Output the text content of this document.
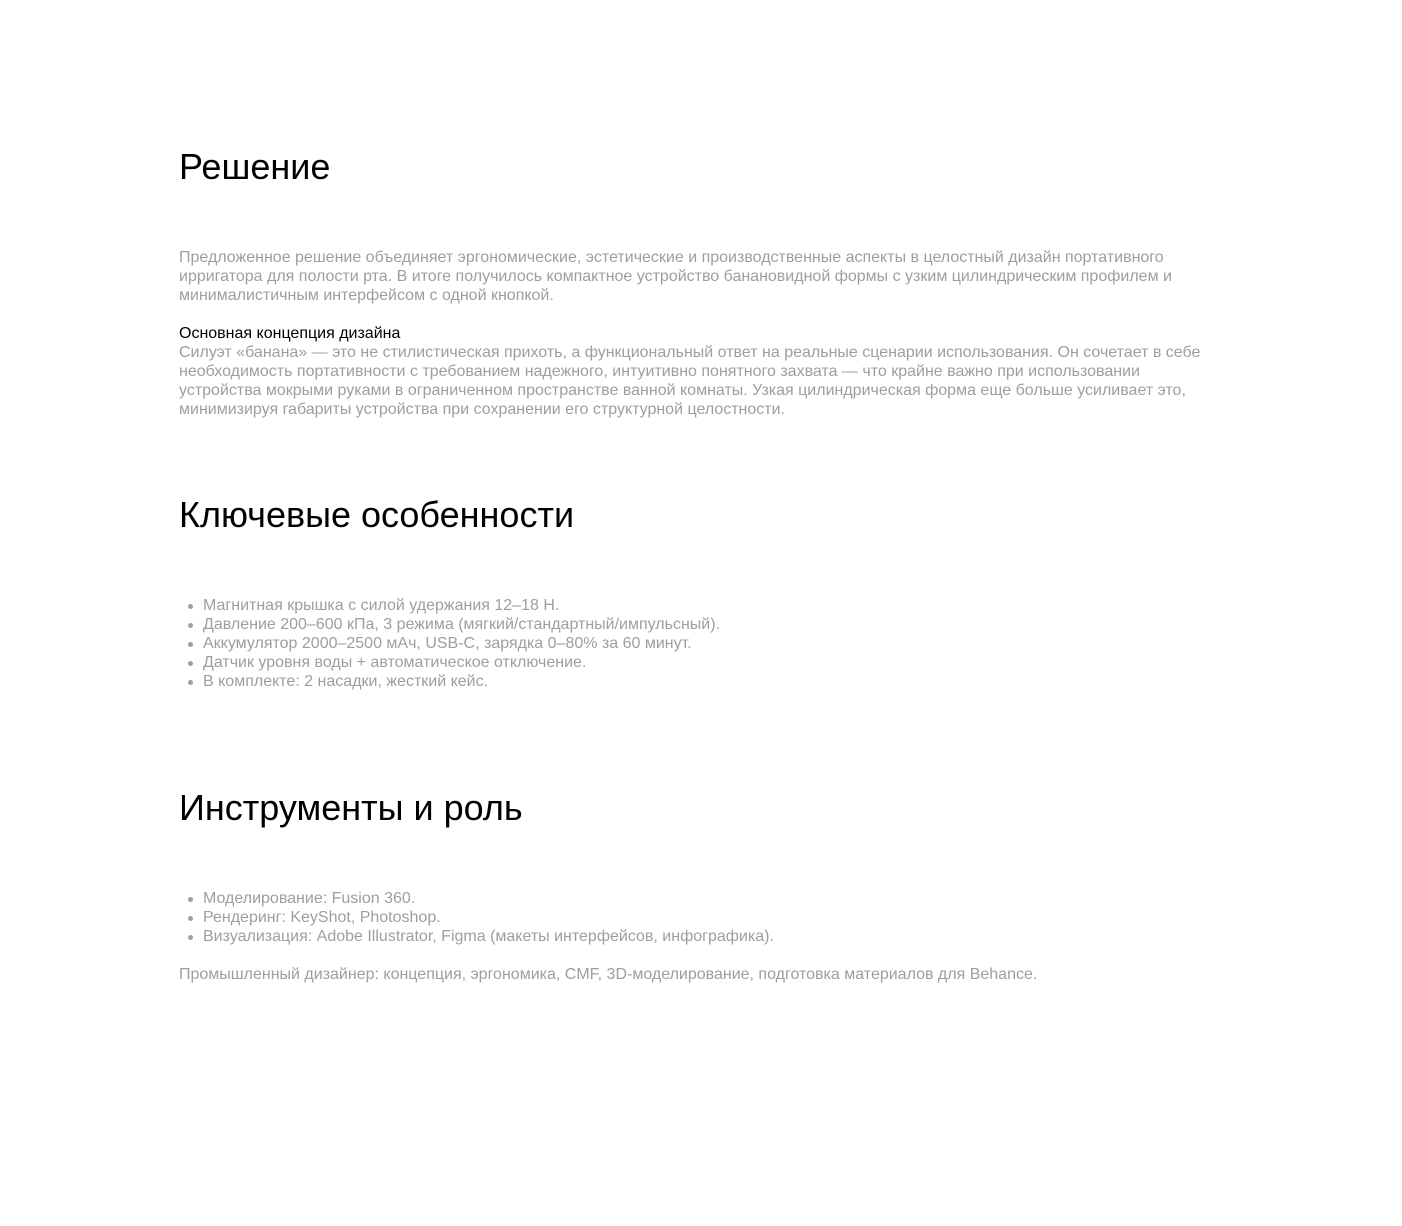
Решение

Предложенное решение объединяет эргономические, эстетические и производственные аспекты в целостный дизайн портативного ирригатора для полости рта. В итоге получилось компактное устройство банановидной формы с узким цилиндрическим профилем и минималистичным интерфейсом с одной кнопкой.

Основная концепция дизайна

Силуэт «банана» — это не стилистическая прихоть, а функциональный ответ на реальные сценарии использования. Он сочетает в себе необходимость портативности с требованием надежного, интуитивно понятного захвата — что крайне важно при использовании устройства мокрыми руками в ограниченном пространстве ванной комнаты. Узкая цилиндрическая форма еще больше усиливает это, минимизируя габариты устройства при сохранении его структурной целостности.

Ключевые особенности
Магнитная крышка с силой удержания 12–18 Н.
Давление 200–600 кПа, 3 режима (мягкий/стандартный/импульсный).
Аккумулятор 2000–2500 мАч, USB-C, зарядка 0–80% за 60 минут.
Датчик уровня воды + автоматическое отключение.
В комплекте: 2 насадки, жесткий кейс.
Инструменты и роль
Моделирование: Fusion 360.
Рендеринг: KeyShot, Photoshop.
Визуализация: Adobe Illustrator, Figma (макеты интерфейсов, инфографика).

Промышленный дизайнер: концепция, эргономика, CMF, 3D-моделирование, подготовка материалов для Behance.
